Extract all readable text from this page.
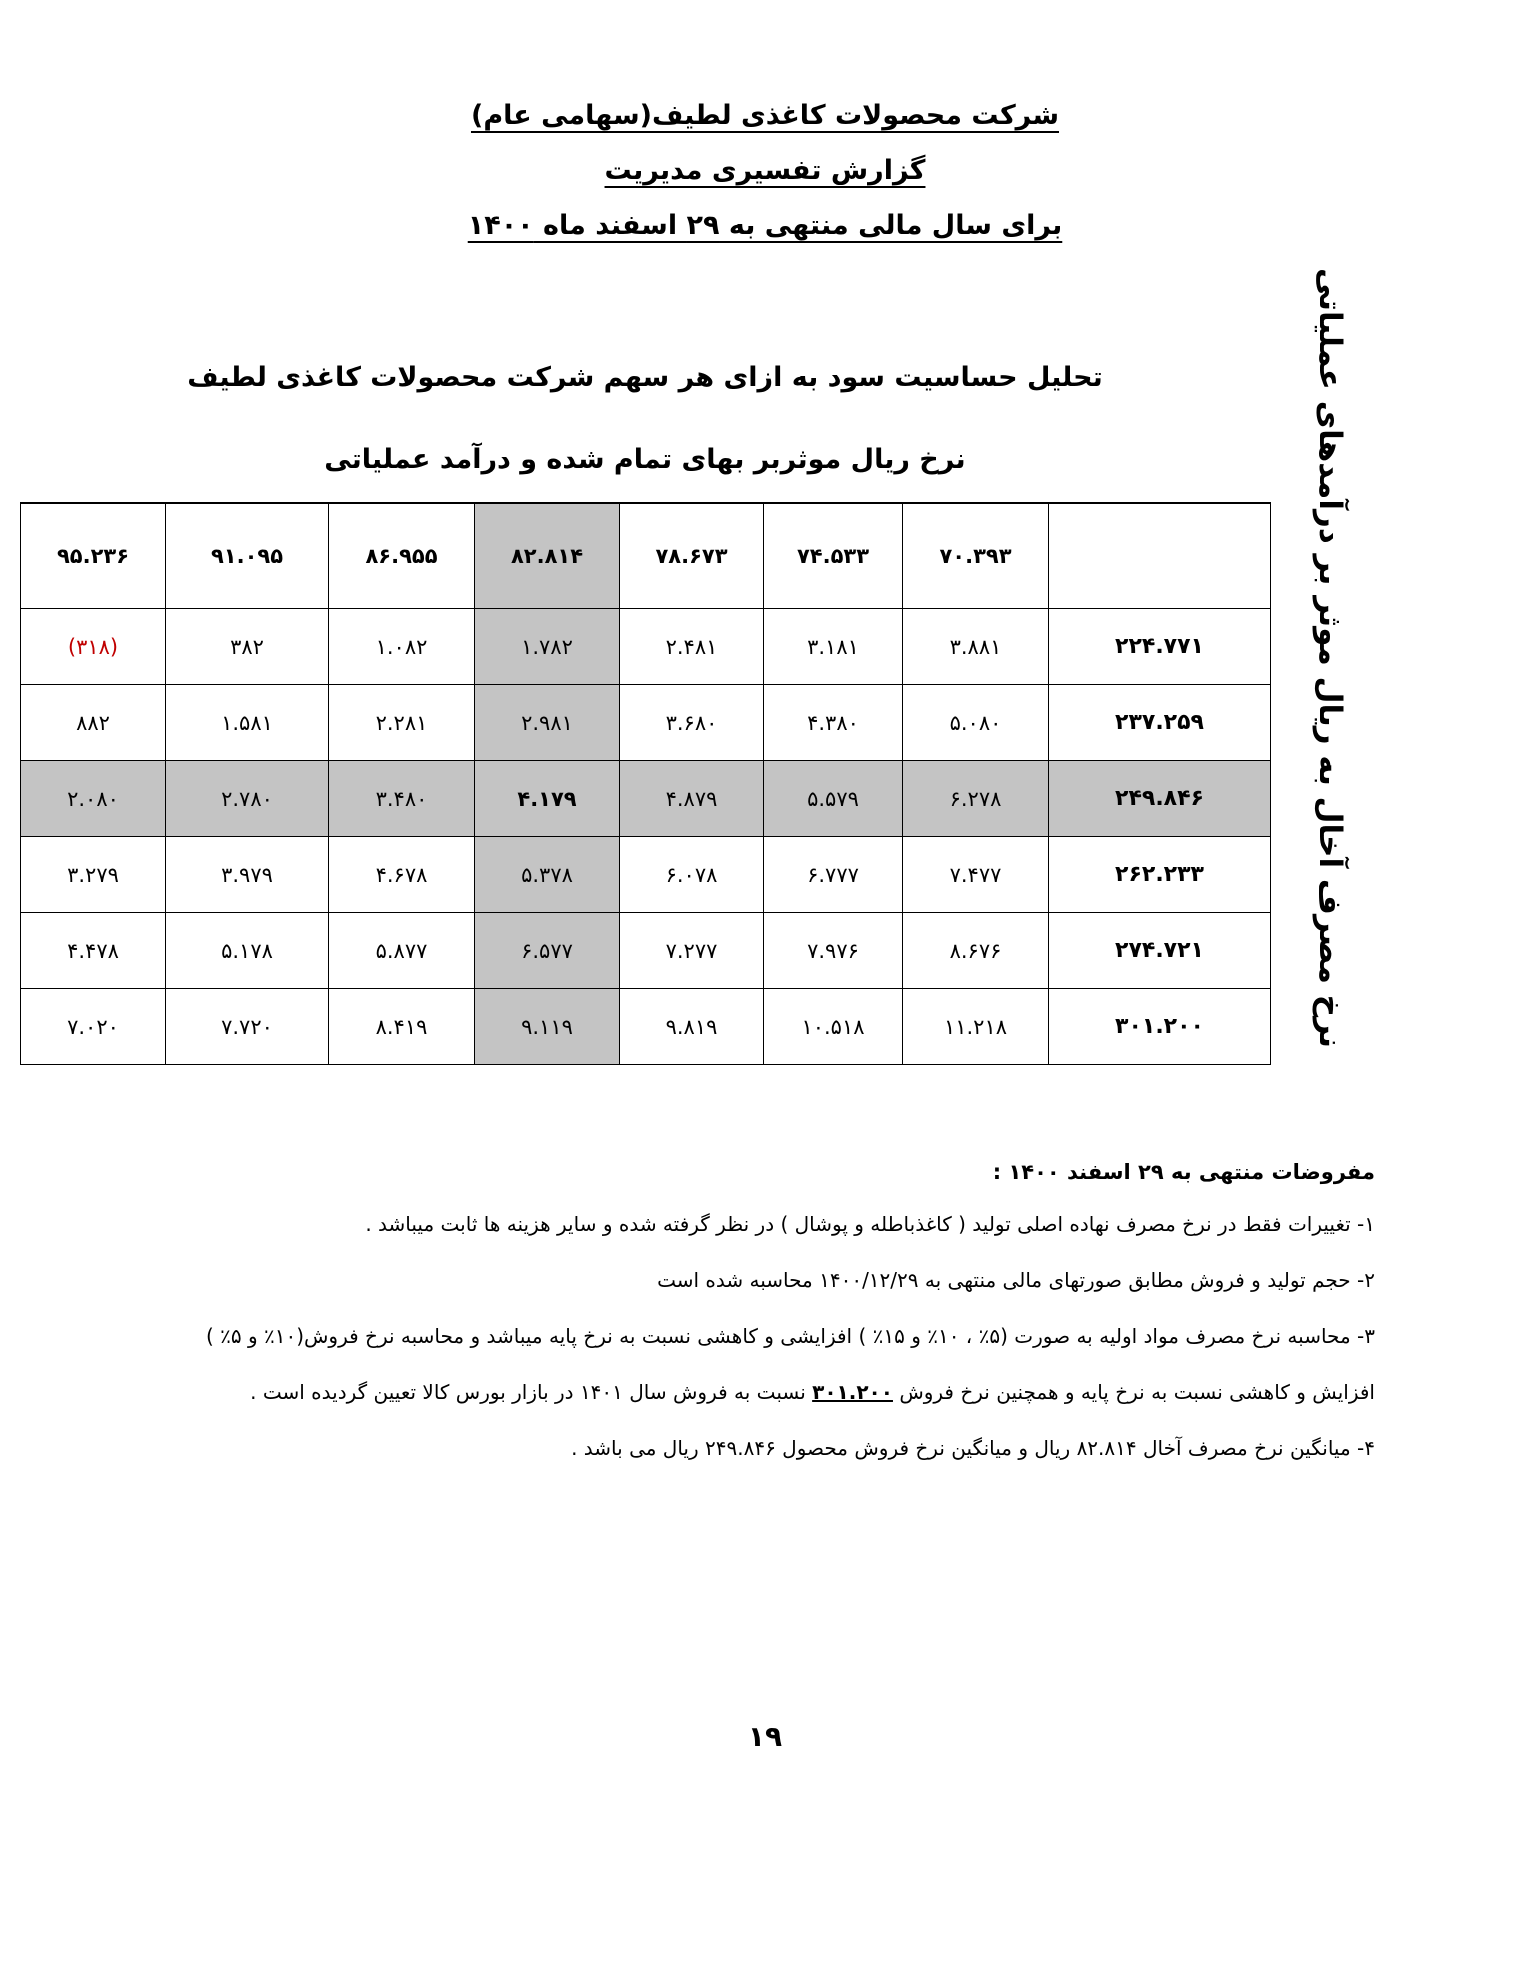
شرکت محصولات کاغذی لطیف(سهامی عام)
گزارش تفسیری مدیریت
برای سال مالی منتهی به ۲۹ اسفند ماه ۱۴۰۰
تحلیل حساسیت سود به ازای هر سهم شرکت محصولات کاغذی لطیف
نرخ ریال موثربر بهای تمام شده و درآمد عملیاتی	نرخ مصرف آخال به ریال موثر بر درآمدهای عملیاتی
	۷۰.۳۹۳	۷۴.۵۳۳	۷۸.۶۷۳	۸۲.۸۱۴	۸۶.۹۵۵	۹۱.۰۹۵	۹۵.۲۳۶
۲۲۴.۷۷۱	۳.۸۸۱	۳.۱۸۱	۲.۴۸۱	۱.۷۸۲	۱.۰۸۲	۳۸۲	(۳۱۸)
۲۳۷.۲۵۹	۵.۰۸۰	۴.۳۸۰	۳.۶۸۰	۲.۹۸۱	۲.۲۸۱	۱.۵۸۱	۸۸۲
۲۴۹.۸۴۶	۶.۲۷۸	۵.۵۷۹	۴.۸۷۹	۴.۱۷۹	۳.۴۸۰	۲.۷۸۰	۲.۰۸۰
۲۶۲.۲۳۳	۷.۴۷۷	۶.۷۷۷	۶.۰۷۸	۵.۳۷۸	۴.۶۷۸	۳.۹۷۹	۳.۲۷۹
۲۷۴.۷۲۱	۸.۶۷۶	۷.۹۷۶	۷.۲۷۷	۶.۵۷۷	۵.۸۷۷	۵.۱۷۸	۴.۴۷۸
۳۰۱.۲۰۰	۱۱.۲۱۸	۱۰.۵۱۸	۹.۸۱۹	۹.۱۱۹	۸.۴۱۹	۷.۷۲۰	۷.۰۲۰
مفروضات منتهی به ۲۹ اسفند ۱۴۰۰ :
۱- تغییرات فقط در نرخ مصرف نهاده اصلی تولید ( کاغذباطله و پوشال ) در نظر گرفته شده و سایر هزینه ها ثابت میباشد .
۲- حجم تولید و فروش مطابق صورتهای مالی منتهی به ۱۴۰۰/۱۲/۲۹ محاسبه شده است
۳- محاسبه نرخ مصرف مواد اولیه به صورت (۵٪ ، ۱۰٪ و ۱۵٪ ) افزایشی و کاهشی نسبت به نرخ پایه میباشد و محاسبه نرخ فروش(۱۰٪ و ۵٪ )
افزایش و کاهشی نسبت به نرخ پایه و همچنین نرخ فروش ۳۰۱.۲۰۰ نسبت به فروش سال ۱۴۰۱ در بازار بورس کالا تعیین گردیده است .
۴- میانگین نرخ مصرف آخال ۸۲.۸۱۴ ریال و میانگین نرخ فروش محصول ۲۴۹.۸۴۶ ریال می باشد .
۱۹
